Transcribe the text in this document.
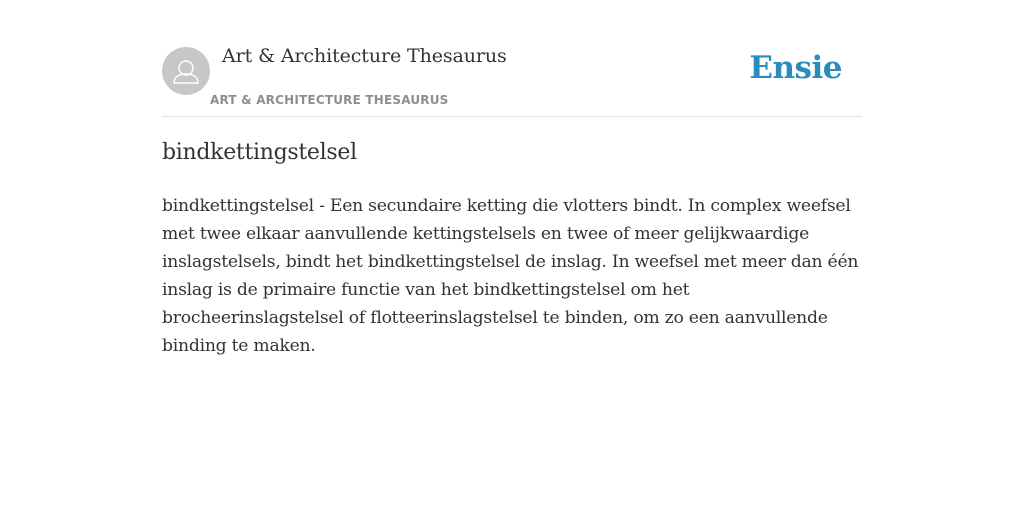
Art & Architecture Thesaurus
ART & ARCHITECTURE THESAURUS
Ensie
bindkettingstelsel

bindkettingstelsel - Een secundaire ketting die vlotters bindt. In complex weefsel met twee elkaar aanvullende kettingstelsels en twee of meer gelijkwaardige inslagstelsels, bindt het bindkettingstelsel de inslag. In weefsel met meer dan één inslag is de primaire functie van het bindkettingstelsel om het brocheerinslagstelsel of flotteerinslagstelsel te binden, om zo een aanvullende binding te maken.
